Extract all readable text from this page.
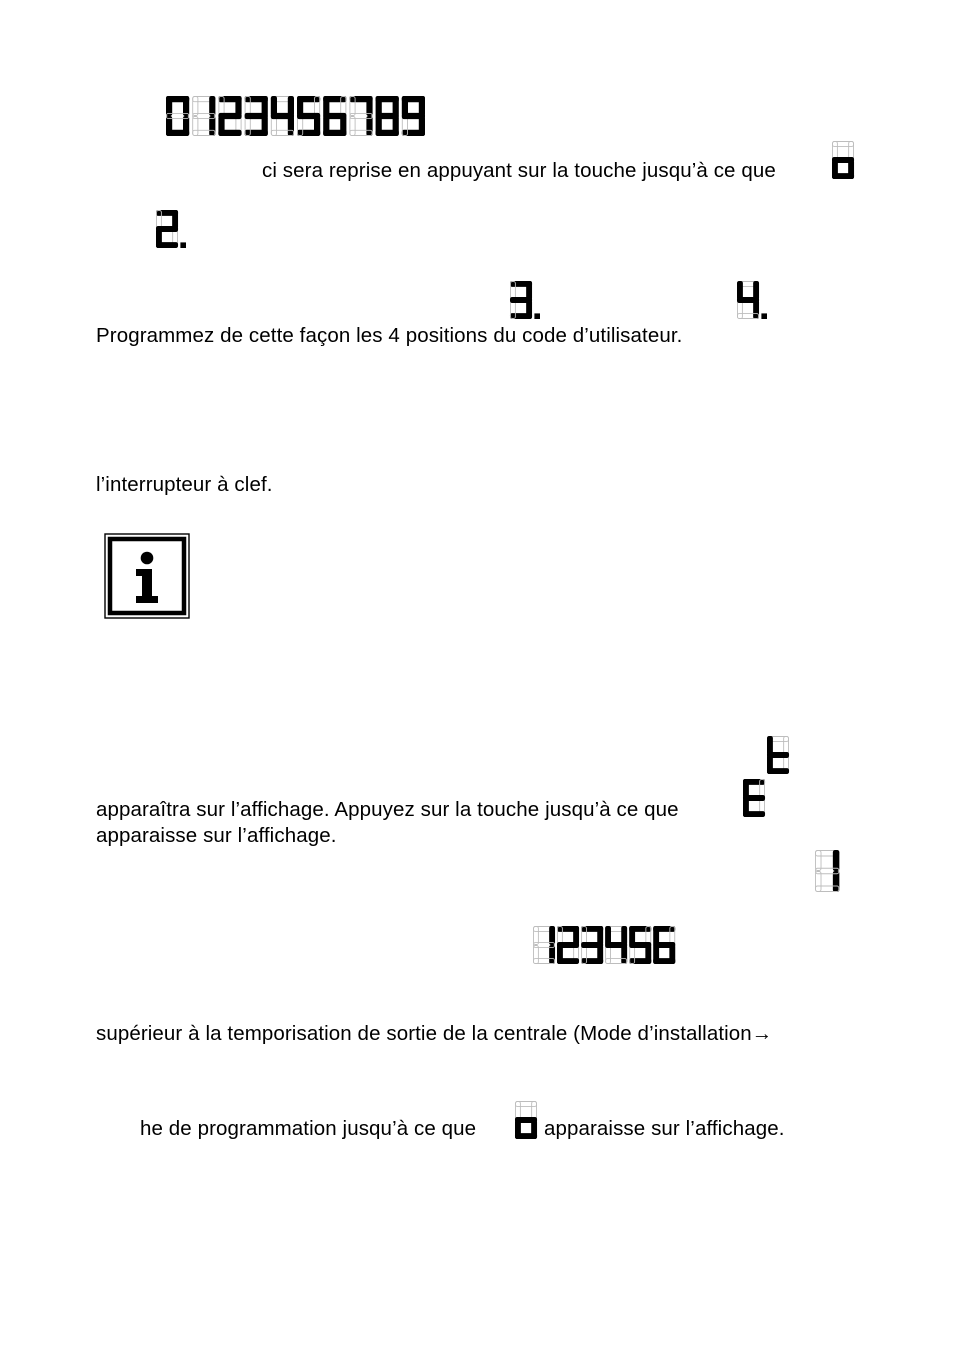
ci sera reprise en appuyant sur la touche jusqu’à ce que
Programmez de cette façon les 4 positions du code d’utilisateur.
l’interrupteur à clef.
apparaîtra sur l’affichage. Appuyez sur la touche jusqu’à ce que
apparaisse sur l’affichage.
supérieur à la temporisation de sortie de la centrale (Mode d’installation→
he de programmation jusqu’à ce que	apparaisse sur l’affichage.
